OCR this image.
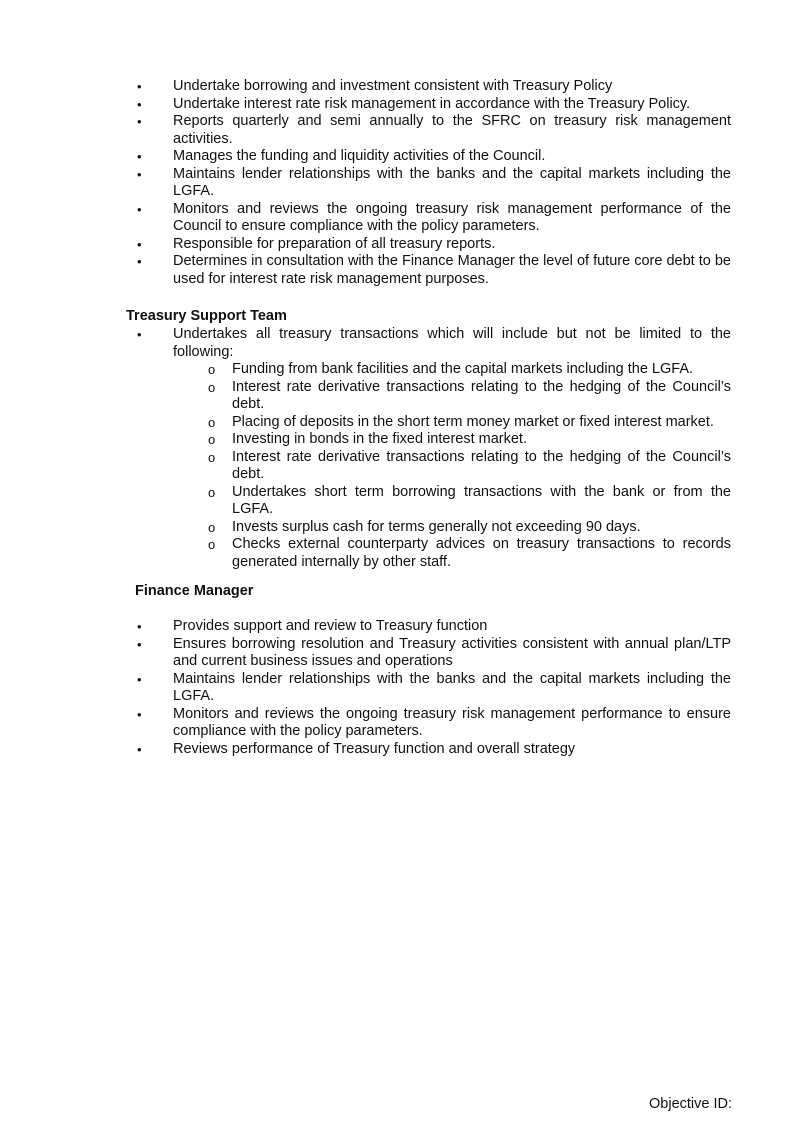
•	Undertake borrowing and investment consistent with Treasury Policy
•	Undertake interest rate risk management in accordance with the Treasury Policy.
•	Reports quarterly and semi annually to the SFRC on treasury risk management activities.
•	Manages the funding and liquidity activities of the Council.
•	Maintains lender relationships with the banks and the capital markets including the LGFA.
•	Monitors and reviews the ongoing treasury risk management performance of the Council to ensure compliance with the policy parameters.
•	Responsible for preparation of all treasury reports.
•	Determines in consultation with the Finance Manager the level of future core debt to be used for interest rate risk management purposes.
Treasury Support Team
•	Undertakes all treasury transactions which will include but not be limited to the following:
o Funding from bank facilities and the capital markets including the LGFA.
o Interest rate derivative transactions relating to the hedging of the Council’s debt.
o Placing of deposits in the short term money market or fixed interest market.
o Investing in bonds in the fixed interest market.
o Interest rate derivative transactions relating to the hedging of the Council’s debt.
o Undertakes short term borrowing transactions with the bank or from the LGFA.
o Invests surplus cash for terms generally not exceeding 90 days.
o Checks external counterparty advices on treasury transactions to records generated internally by other staff.
Finance Manager
•	Provides support and review to Treasury function
•	Ensures borrowing resolution and Treasury activities consistent with annual plan/LTP and current business issues and operations
•	Maintains lender relationships with the banks and the capital markets including the LGFA.
•	Monitors and reviews the ongoing treasury risk management performance to ensure compliance with the policy parameters.
•	Reviews performance of Treasury function and overall strategy
Objective ID:
